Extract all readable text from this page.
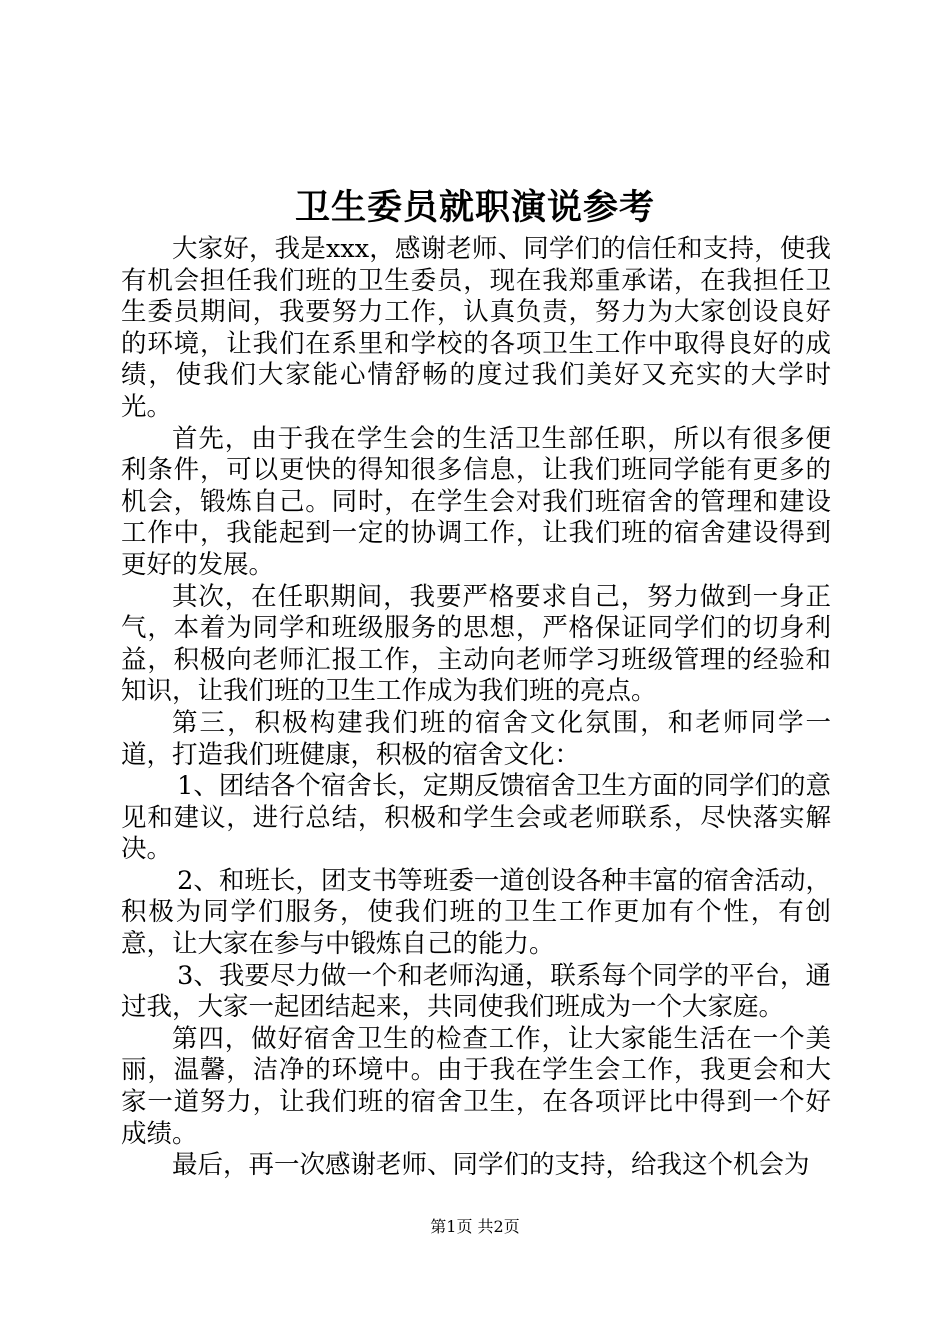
卫生委员就职演说参考

大家好，我是xxx，感谢老师、同学们的信任和支持，使我有机会担任我们班的卫生委员，现在我郑重承诺，在我担任卫生委员期间，我要努力工作，认真负责，努力为大家创设良好的环境，让我们在系里和学校的各项卫生工作中取得良好的成绩，使我们大家能心情舒畅的度过我们美好又充实的大学时光。

首先，由于我在学生会的生活卫生部任职，所以有很多便利条件，可以更快的得知很多信息，让我们班同学能有更多的机会，锻炼自己。同时，在学生会对我们班宿舍的管理和建设工作中，我能起到一定的协调工作，让我们班的宿舍建设得到更好的发展。

其次，在任职期间，我要严格要求自己，努力做到一身正气，本着为同学和班级服务的思想，严格保证同学们的切身利益，积极向老师汇报工作，主动向老师学习班级管理的经验和知识，让我们班的卫生工作成为我们班的亮点。

第三，积极构建我们班的宿舍文化氛围，和老师同学一道，打造我们班健康，积极的宿舍文化：

1、团结各个宿舍长，定期反馈宿舍卫生方面的同学们的意见和建议，进行总结，积极和学生会或老师联系，尽快落实解决。

2、和班长，团支书等班委一道创设各种丰富的宿舍活动，积极为同学们服务，使我们班的卫生工作更加有个性，有创意，让大家在参与中锻炼自己的能力。

3、我要尽力做一个和老师沟通，联系每个同学的平台，通过我，大家一起团结起来，共同使我们班成为一个大家庭。

第四，做好宿舍卫生的检查工作，让大家能生活在一个美丽，温馨，洁净的环境中。由于我在学生会工作，我更会和大家一道努力，让我们班的宿舍卫生，在各项评比中得到一个好成绩。

最后，再一次感谢老师、同学们的支持，给我这个机会为

第1页 共2页
